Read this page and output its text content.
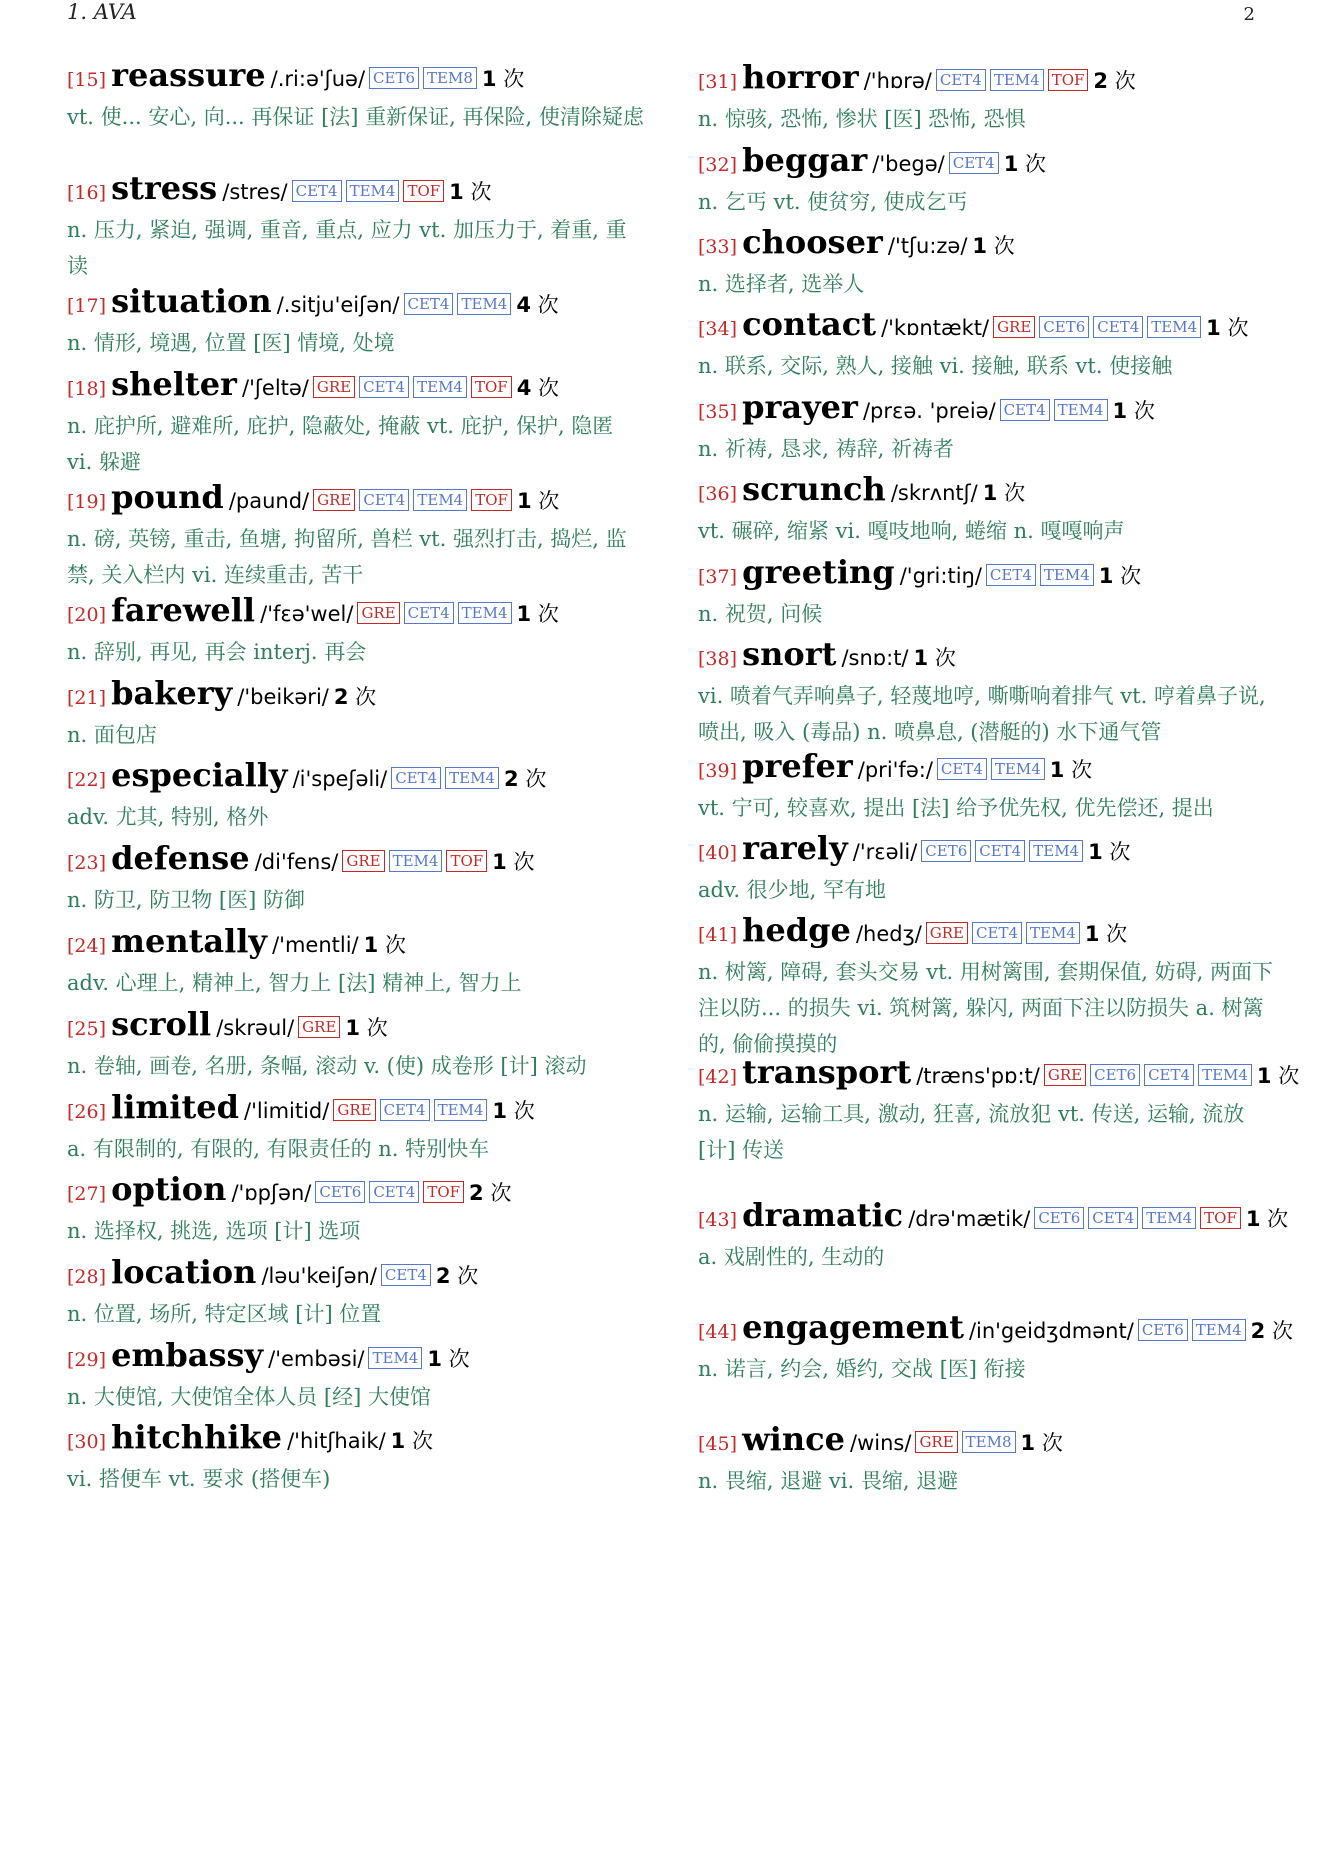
1. AVA	2
[15] reassure /.ri:ə'ʃuə/ CET6 TEM8 1 次
vt. 使... 安心, 向... 再保证 [法] 重新保证, 再保险, 使清除疑虑
[16] stress /stres/ CET4 TEM4 TOF 1 次
n. 压力, 紧迫, 强调, 重音, 重点, 应力 vt. 加压力于, 着重, 重读
[17] situation /.sitju'eiʃən/ CET4 TEM4 4 次
n. 情形, 境遇, 位置 [医] 情境, 处境
[18] shelter /'ʃeltə/ GRE CET4 TEM4 TOF 4 次
n. 庇护所, 避难所, 庇护, 隐蔽处, 掩蔽 vt. 庇护, 保护, 隐匿 vi. 躲避
[19] pound /paund/ GRE CET4 TEM4 TOF 1 次
n. 磅, 英镑, 重击, 鱼塘, 拘留所, 兽栏 vt. 强烈打击, 捣烂, 监禁, 关入栏内 vi. 连续重击, 苦干
[20] farewell /'fεə'wel/ GRE CET4 TEM4 1 次
n. 辞别, 再见, 再会 interj. 再会
[21] bakery /'beikəri/ 2 次
n. 面包店
[22] especially /i'speʃəli/ CET4 TEM4 2 次
adv. 尤其, 特别, 格外
[23] defense /di'fens/ GRE TEM4 TOF 1 次
n. 防卫, 防卫物 [医] 防御
[24] mentally /'mentli/ 1 次
adv. 心理上, 精神上, 智力上 [法] 精神上, 智力上
[25] scroll /skrəul/ GRE 1 次
n. 卷轴, 画卷, 名册, 条幅, 滚动 v. (使) 成卷形 [计] 滚动
[26] limited /'limitid/ GRE CET4 TEM4 1 次
a. 有限制的, 有限的, 有限责任的 n. 特别快车
[27] option /'ɒpʃən/ CET6 CET4 TOF 2 次
n. 选择权, 挑选, 选项 [计] 选项
[28] location /ləu'keiʃən/ CET4 2 次
n. 位置, 场所, 特定区域 [计] 位置
[29] embassy /'embəsi/ TEM4 1 次
n. 大使馆, 大使馆全体人员 [经] 大使馆
[30] hitchhike /'hitʃhaik/ 1 次
vi. 搭便车 vt. 要求 (搭便车)
[31] horror /'hɒrə/ CET4 TEM4 TOF 2 次
n. 惊骇, 恐怖, 惨状 [医] 恐怖, 恐惧
[32] beggar /'begə/ CET4 1 次
n. 乞丐 vt. 使贫穷, 使成乞丐
[33] chooser /'tʃu:zə/ 1 次
n. 选择者, 选举人
[34] contact /'kɒntækt/ GRE CET6 CET4 TEM4 1 次
n. 联系, 交际, 熟人, 接触 vi. 接触, 联系 vt. 使接触
[35] prayer /prεə. 'preiə/ CET4 TEM4 1 次
n. 祈祷, 恳求, 祷辞, 祈祷者
[36] scrunch /skrʌntʃ/ 1 次
vt. 碾碎, 缩紧 vi. 嘎吱地响, 蜷缩 n. 嘎嘎响声
[37] greeting /'gri:tiŋ/ CET4 TEM4 1 次
n. 祝贺, 问候
[38] snort /snɒ:t/ 1 次
vi. 喷着气弄响鼻子, 轻蔑地哼, 嘶嘶响着排气 vt. 哼着鼻子说, 喷出, 吸入 (毒品) n. 喷鼻息, (潜艇的) 水下通气管
[39] prefer /pri'fə:/ CET4 TEM4 1 次
vt. 宁可, 较喜欢, 提出 [法] 给予优先权, 优先偿还, 提出
[40] rarely /'rεəli/ CET6 CET4 TEM4 1 次
adv. 很少地, 罕有地
[41] hedge /hedʒ/ GRE CET4 TEM4 1 次
n. 树篱, 障碍, 套头交易 vt. 用树篱围, 套期保值, 妨碍, 两面下注以防... 的损失 vi. 筑树篱, 躲闪, 两面下注以防损失 a. 树篱的, 偷偷摸摸的
[42] transport /træns'pɒ:t/ GRE CET6 CET4 TEM4 1 次
n. 运输, 运输工具, 激动, 狂喜, 流放犯 vt. 传送, 运输, 流放 [计] 传送
[43] dramatic /drə'mætik/ CET6 CET4 TEM4 TOF 1 次
a. 戏剧性的, 生动的
[44] engagement /in'geidʒdmənt/ CET6 TEM4 2 次
n. 诺言, 约会, 婚约, 交战 [医] 衔接
[45] wince /wins/ GRE TEM8 1 次
n. 畏缩, 退避 vi. 畏缩, 退避
